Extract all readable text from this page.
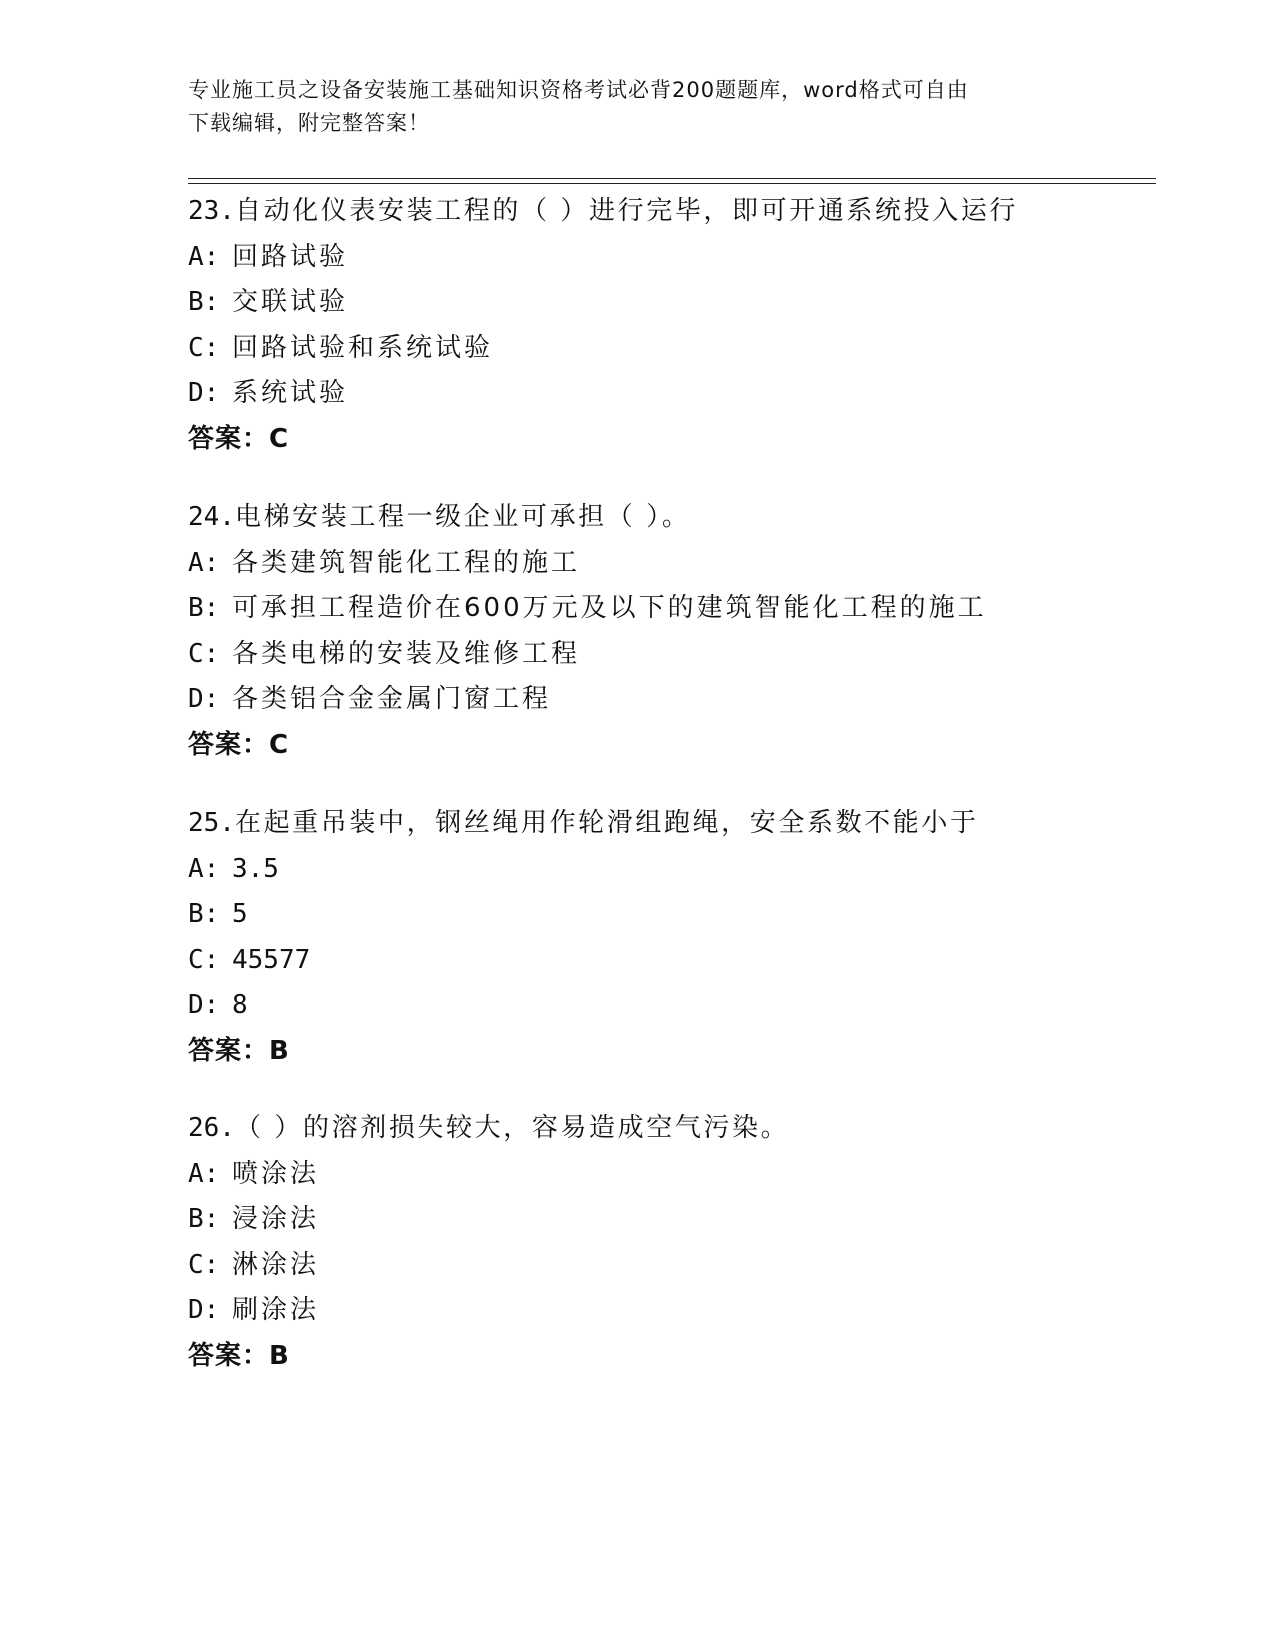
专业施工员之设备安装施工基础知识资格考试必背200题题库，word格式可自由
下载编辑，附完整答案！
23.自动化仪表安装工程的（ ）进行完毕，即可开通系统投入运行
A: 回路试验
B: 交联试验
C: 回路试验和系统试验
D: 系统试验
答案：C
24.电梯安装工程一级企业可承担（ ）。
A: 各类建筑智能化工程的施工
B: 可承担工程造价在600万元及以下的建筑智能化工程的施工
C: 各类电梯的安装及维修工程
D: 各类铝合金金属门窗工程
答案：C
25.在起重吊装中，钢丝绳用作轮滑组跑绳，安全系数不能小于
A: 3.5
B: 5
C: 45577
D: 8
答案：B
26.（ ）的溶剂损失较大，容易造成空气污染。
A: 喷涂法
B: 浸涂法
C: 淋涂法
D: 刷涂法
答案：B
